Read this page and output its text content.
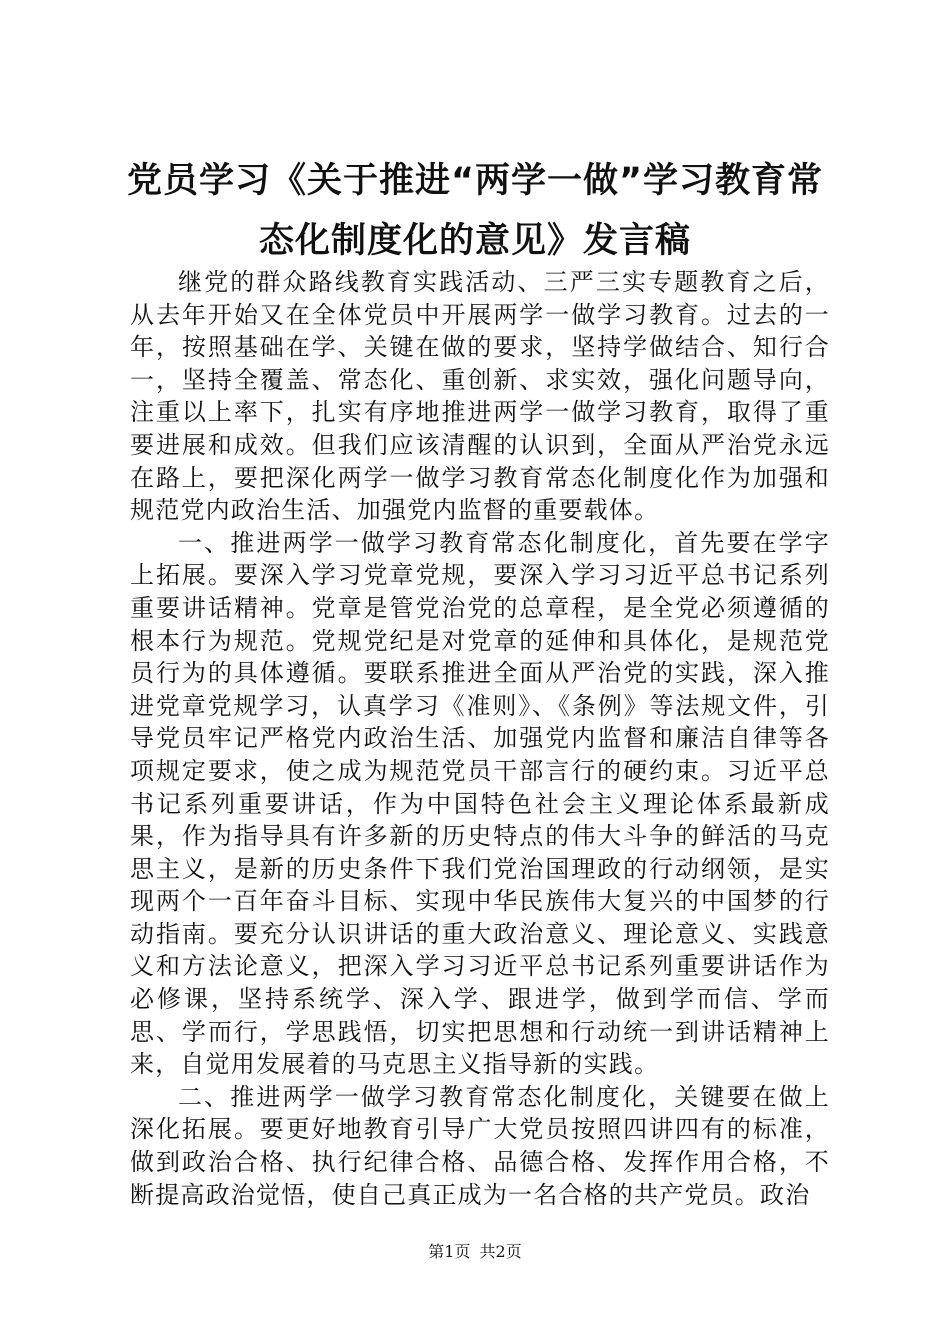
党员学习《关于推进“两学一做”学习教育常
态化制度化的意见》发言稿

继党的群众路线教育实践活动、三严三实专题教育之后，从去年开始又在全体党员中开展两学一做学习教育。过去的一年，按照基础在学、关键在做的要求，坚持学做结合、知行合一，坚持全覆盖、常态化、重创新、求实效，强化问题导向，注重以上率下，扎实有序地推进两学一做学习教育，取得了重要进展和成效。但我们应该清醒的认识到，全面从严治党永远在路上，要把深化两学一做学习教育常态化制度化作为加强和规范党内政治生活、加强党内监督的重要载体。

一、推进两学一做学习教育常态化制度化，首先要在学字上拓展。要深入学习党章党规，要深入学习习近平总书记系列重要讲话精神。党章是管党治党的总章程，是全党必须遵循的根本行为规范。党规党纪是对党章的延伸和具体化，是规范党员行为的具体遵循。要联系推进全面从严治党的实践，深入推进党章党规学习，认真学习《准则》、《条例》等法规文件，引导党员牢记严格党内政治生活、加强党内监督和廉洁自律等各项规定要求，使之成为规范党员干部言行的硬约束。习近平总书记系列重要讲话，作为中国特色社会主义理论体系最新成果，作为指导具有许多新的历史特点的伟大斗争的鲜活的马克思主义，是新的历史条件下我们党治国理政的行动纲领，是实现两个一百年奋斗目标、实现中华民族伟大复兴的中国梦的行动指南。要充分认识讲话的重大政治意义、理论意义、实践意义和方法论意义，把深入学习习近平总书记系列重要讲话作为必修课，坚持系统学、深入学、跟进学，做到学而信、学而思、学而行，学思践悟，切实把思想和行动统一到讲话精神上来，自觉用发展着的马克思主义指导新的实践。

二、推进两学一做学习教育常态化制度化，关键要在做上深化拓展。要更好地教育引导广大党员按照四讲四有的标准，做到政治合格、执行纪律合格、品德合格、发挥作用合格，不断提高政治觉悟，使自己真正成为一名合格的共产党员。政治

第1页 共2页
